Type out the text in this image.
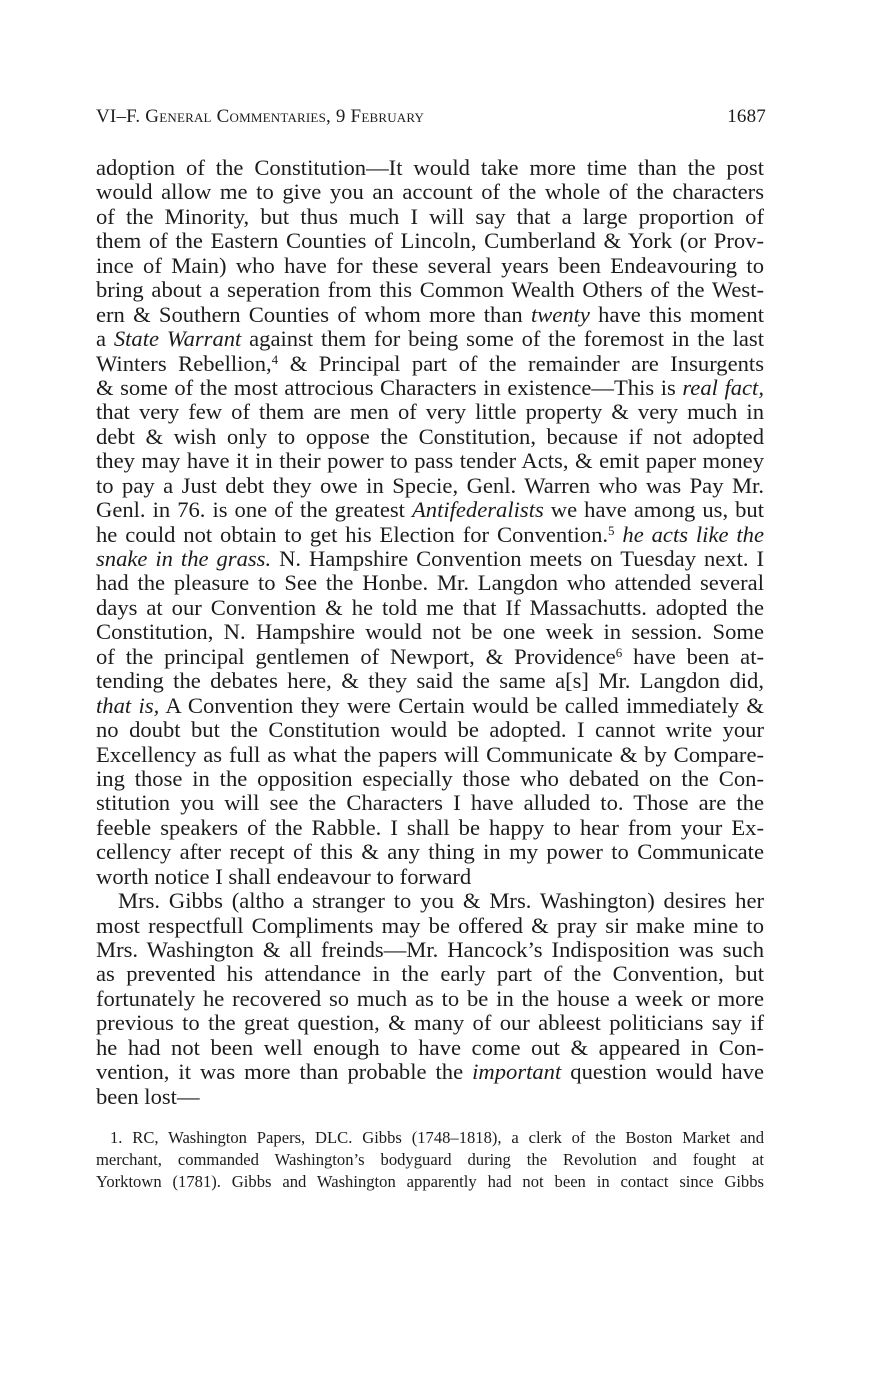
VI–F. General Commentaries, 9 February	1687
adoption of the Constitution—It would take more time than the post
would allow me to give you an account of the whole of the characters
of the Minority, but thus much I will say that a large proportion of
them of the Eastern Counties of Lincoln, Cumberland & York (or Prov-
ince of Main) who have for these several years been Endeavouring to
bring about a seperation from this Common Wealth Others of the West-
ern & Southern Counties of whom more than twenty have this moment
a State Warrant against them for being some of the foremost in the last
Winters Rebellion,$^4$ & Principal part of the remainder are Insurgents
& some of the most attrocious Characters in existence—This is real fact,
that very few of them are men of very little property & very much in
debt & wish only to oppose the Constitution, because if not adopted
they may have it in their power to pass tender Acts, & emit paper money
to pay a Just debt they owe in Specie, Genl. Warren who was Pay Mr.
Genl. in 76. is one of the greatest Antifederalists we have among us, but
he could not obtain to get his Election for Convention.$^5$ he acts like the
snake in the grass. N. Hampshire Convention meets on Tuesday next. I
had the pleasure to See the Honbe. Mr. Langdon who attended several
days at our Convention & he told me that If Massachutts. adopted the
Constitution, N. Hampshire would not be one week in session. Some
of the principal gentlemen of Newport, & Providence$^6$ have been at-
tending the debates here, & they said the same a[s] Mr. Langdon did,
that is, A Convention they were Certain would be called immediately &
no doubt but the Constitution would be adopted. I cannot write your
Excellency as full as what the papers will Communicate & by Compare-
ing those in the opposition especially those who debated on the Con-
stitution you will see the Characters I have alluded to. Those are the
feeble speakers of the Rabble. I shall be happy to hear from your Ex-
cellency after recept of this & any thing in my power to Communicate
worth notice I shall endeavour to forward
Mrs. Gibbs (altho a stranger to you & Mrs. Washington) desires her
most respectfull Compliments may be offered & pray sir make mine to
Mrs. Washington & all freinds—Mr. Hancock’s Indisposition was such
as prevented his attendance in the early part of the Convention, but
fortunately he recovered so much as to be in the house a week or more
previous to the great question, & many of our ableest politicians say if
he had not been well enough to have come out & appeared in Con-
vention, it was more than probable the important question would have
been lost—
1. RC, Washington Papers, DLC. Gibbs (1748–1818), a clerk of the Boston Market and
merchant, commanded Washington’s bodyguard during the Revolution and fought at
Yorktown (1781). Gibbs and Washington apparently had not been in contact since Gibbs
